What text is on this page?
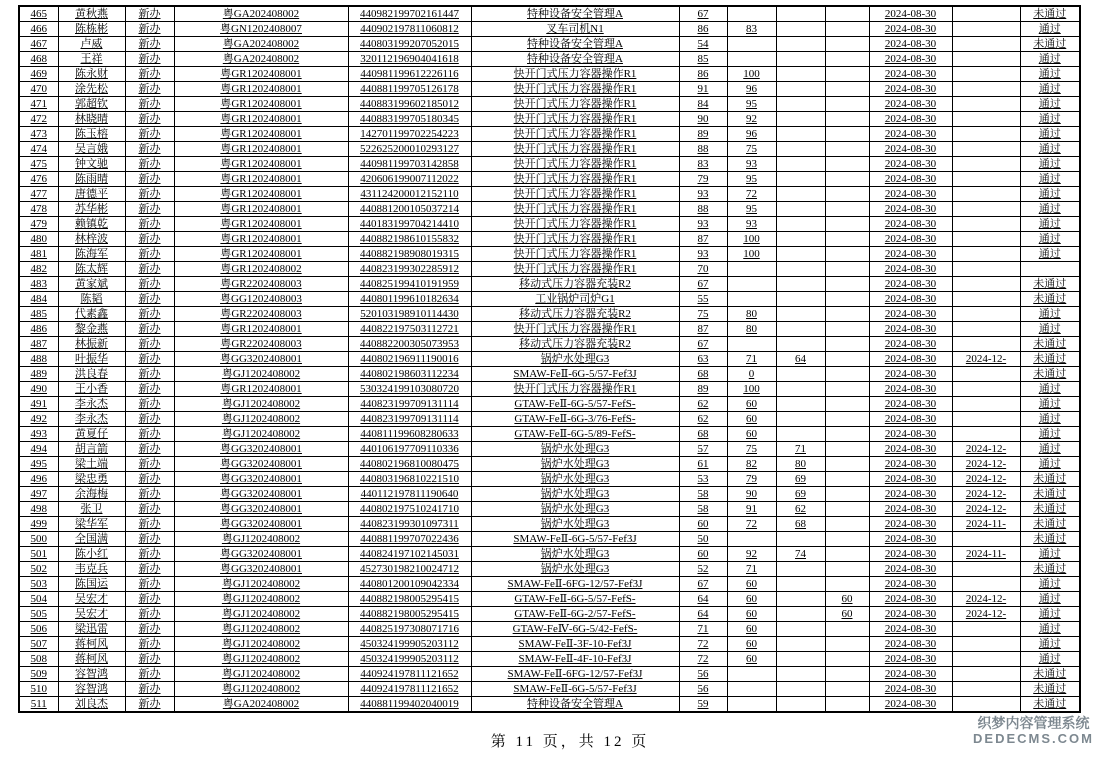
465	黄秋燕	新办	粤GA202408002	440982199702161447	特种设备安全管理A	67				2024-08-30		未通过
466	陈栋彬	新办	粤GN1202408007	440902197811060812	叉车司机N1	86	83			2024-08-30		通过
467	卢威	新办	粤GA202408002	440803199207052015	特种设备安全管理A	54				2024-08-30		未通过
468	王祥	新办	粤GA202408002	320112196904041618	特种设备安全管理A	85				2024-08-30		通过
469	陈永财	新办	粤GR1202408001	440981199612226116	快开门式压力容器操作R1	86	100			2024-08-30		通过
470	涂先松	新办	粤GR1202408001	440881199705126178	快开门式压力容器操作R1	91	96			2024-08-30		通过
471	郭超钦	新办	粤GR1202408001	440883199602185012	快开门式压力容器操作R1	84	95			2024-08-30		通过
472	林晓晴	新办	粤GR1202408001	440883199705180345	快开门式压力容器操作R1	90	92			2024-08-30		通过
473	陈玉榕	新办	粤GR1202408001	142701199702254223	快开门式压力容器操作R1	89	96			2024-08-30		通过
474	吴言娥	新办	粤GR1202408001	522625200010293127	快开门式压力容器操作R1	88	75			2024-08-30		通过
475	钟文驰	新办	粤GR1202408001	440981199703142858	快开门式压力容器操作R1	83	93			2024-08-30		通过
476	陈雨晴	新办	粤GR1202408001	420606199007112022	快开门式压力容器操作R1	79	95			2024-08-30		通过
477	唐德平	新办	粤GR1202408001	431124200012152110	快开门式压力容器操作R1	93	72			2024-08-30		通过
478	苏华彬	新办	粤GR1202408001	440881200105037214	快开门式压力容器操作R1	88	95			2024-08-30		通过
479	赖镇乾	新办	粤GR1202408001	440183199704214410	快开门式压力容器操作R1	93	93			2024-08-30		通过
480	林梓波	新办	粤GR1202408001	440882198610155832	快开门式压力容器操作R1	87	100			2024-08-30		通过
481	陈海军	新办	粤GR1202408001	440882198908019315	快开门式压力容器操作R1	93	100			2024-08-30		通过
482	陈太辉	新办	粤GR1202408002	440823199302285912	快开门式压力容器操作R1	70				2024-08-30		
483	黄家斌	新办	粤GR2202408003	440825199410191959	移动式压力容器充装R2	67				2024-08-30		未通过
484	陈韬	新办	粤GG1202408003	440801199610182634	工业锅炉司炉G1	55				2024-08-30		未通过
485	代素鑫	新办	粤GR2202408003	520103198910114430	移动式压力容器充装R2	75	80			2024-08-30		通过
486	黎金燕	新办	粤GR1202408001	440822197503112721	快开门式压力容器操作R1	87	80			2024-08-30		通过
487	林振新	新办	粤GR2202408003	440882200305073953	移动式压力容器充装R2	67				2024-08-30		未通过
488	叶振华	新办	粤GG3202408001	440802196911190016	锅炉水处理G3	63	71	64		2024-08-30	2024-12-	未通过
489	洪良春	新办	粤GJ1202408002	440802198603112234	SMAW-FeⅡ-6G-5/57-Fef3J	68	0			2024-08-30		未通过
490	王小香	新办	粤GR1202408001	530324199103080720	快开门式压力容器操作R1	89	100			2024-08-30		通过
491	李永杰	新办	粤GJ1202408002	440823199709131114	GTAW-FeⅡ-6G-5/57-FefS-	62	60			2024-08-30		通过
492	李永杰	新办	粤GJ1202408002	440823199709131114	GTAW-FeⅡ-6G-3/76-FefS-	62	60			2024-08-30		通过
493	黄夏仔	新办	粤GJ1202408002	440811199608280633	GTAW-FeⅡ-6G-5/89-FefS-	68	60			2024-08-30		通过
494	胡言箭	新办	粤GG3202408001	440106197709110336	锅炉水处理G3	57	75	71		2024-08-30	2024-12-	通过
495	梁土端	新办	粤GG3202408001	440802196810080475	锅炉水处理G3	61	82	80		2024-08-30	2024-12-	通过
496	梁忠勇	新办	粤GG3202408001	440803196810221510	锅炉水处理G3	53	79	69		2024-08-30	2024-12-	未通过
497	余海梅	新办	粤GG3202408001	440112197811190640	锅炉水处理G3	58	90	69		2024-08-30	2024-12-	未通过
498	张卫	新办	粤GG3202408001	440802197510241710	锅炉水处理G3	58	91	62		2024-08-30	2024-12-	未通过
499	梁华军	新办	粤GG3202408001	440823199301097311	锅炉水处理G3	60	72	68		2024-08-30	2024-11-	未通过
500	全国满	新办	粤GJ1202408002	440881199707022436	SMAW-FeⅡ-6G-5/57-Fef3J	50				2024-08-30		未通过
501	陈小红	新办	粤GG3202408001	440824197102145031	锅炉水处理G3	60	92	74		2024-08-30	2024-11-	通过
502	韦克兵	新办	粤GG3202408001	452730198210024712	锅炉水处理G3	52	71			2024-08-30		未通过
503	陈国运	新办	粤GJ1202408002	440801200109042334	SMAW-FeⅡ-6FG-12/57-Fef3J	67	60			2024-08-30		通过
504	吴宏才	新办	粤GJ1202408002	440882198005295415	GTAW-FeⅡ-6G-5/57-FefS-	64	60		60	2024-08-30	2024-12-	通过
505	吴宏才	新办	粤GJ1202408002	440882198005295415	GTAW-FeⅡ-6G-2/57-FefS-	64	60		60	2024-08-30	2024-12-	通过
506	梁迅雷	新办	粤GJ1202408002	440825197308071716	GTAW-FeⅣ-6G-5/42-FefS-	71	60			2024-08-30		通过
507	蒋柯风	新办	粤GJ1202408002	450324199905203112	SMAW-FeⅡ-3F-10-Fef3J	72	60			2024-08-30		通过
508	蒋柯风	新办	粤GJ1202408002	450324199905203112	SMAW-FeⅡ-4F-10-Fef3J	72	60			2024-08-30		通过
509	容智鸿	新办	粤GJ1202408002	440924197811121652	SMAW-FeⅡ-6FG-12/57-Fef3J	56				2024-08-30		未通过
510	容智鸿	新办	粤GJ1202408002	440924197811121652	SMAW-FeⅡ-6G-5/57-Fef3J	56				2024-08-30		未通过
511	刘良杰	新办	粤GA202408002	440881199402040019	特种设备安全管理A	59				2024-08-30		未通过
第 11 页，共 12 页
织梦内容管理系统
DEDECMS.COM
